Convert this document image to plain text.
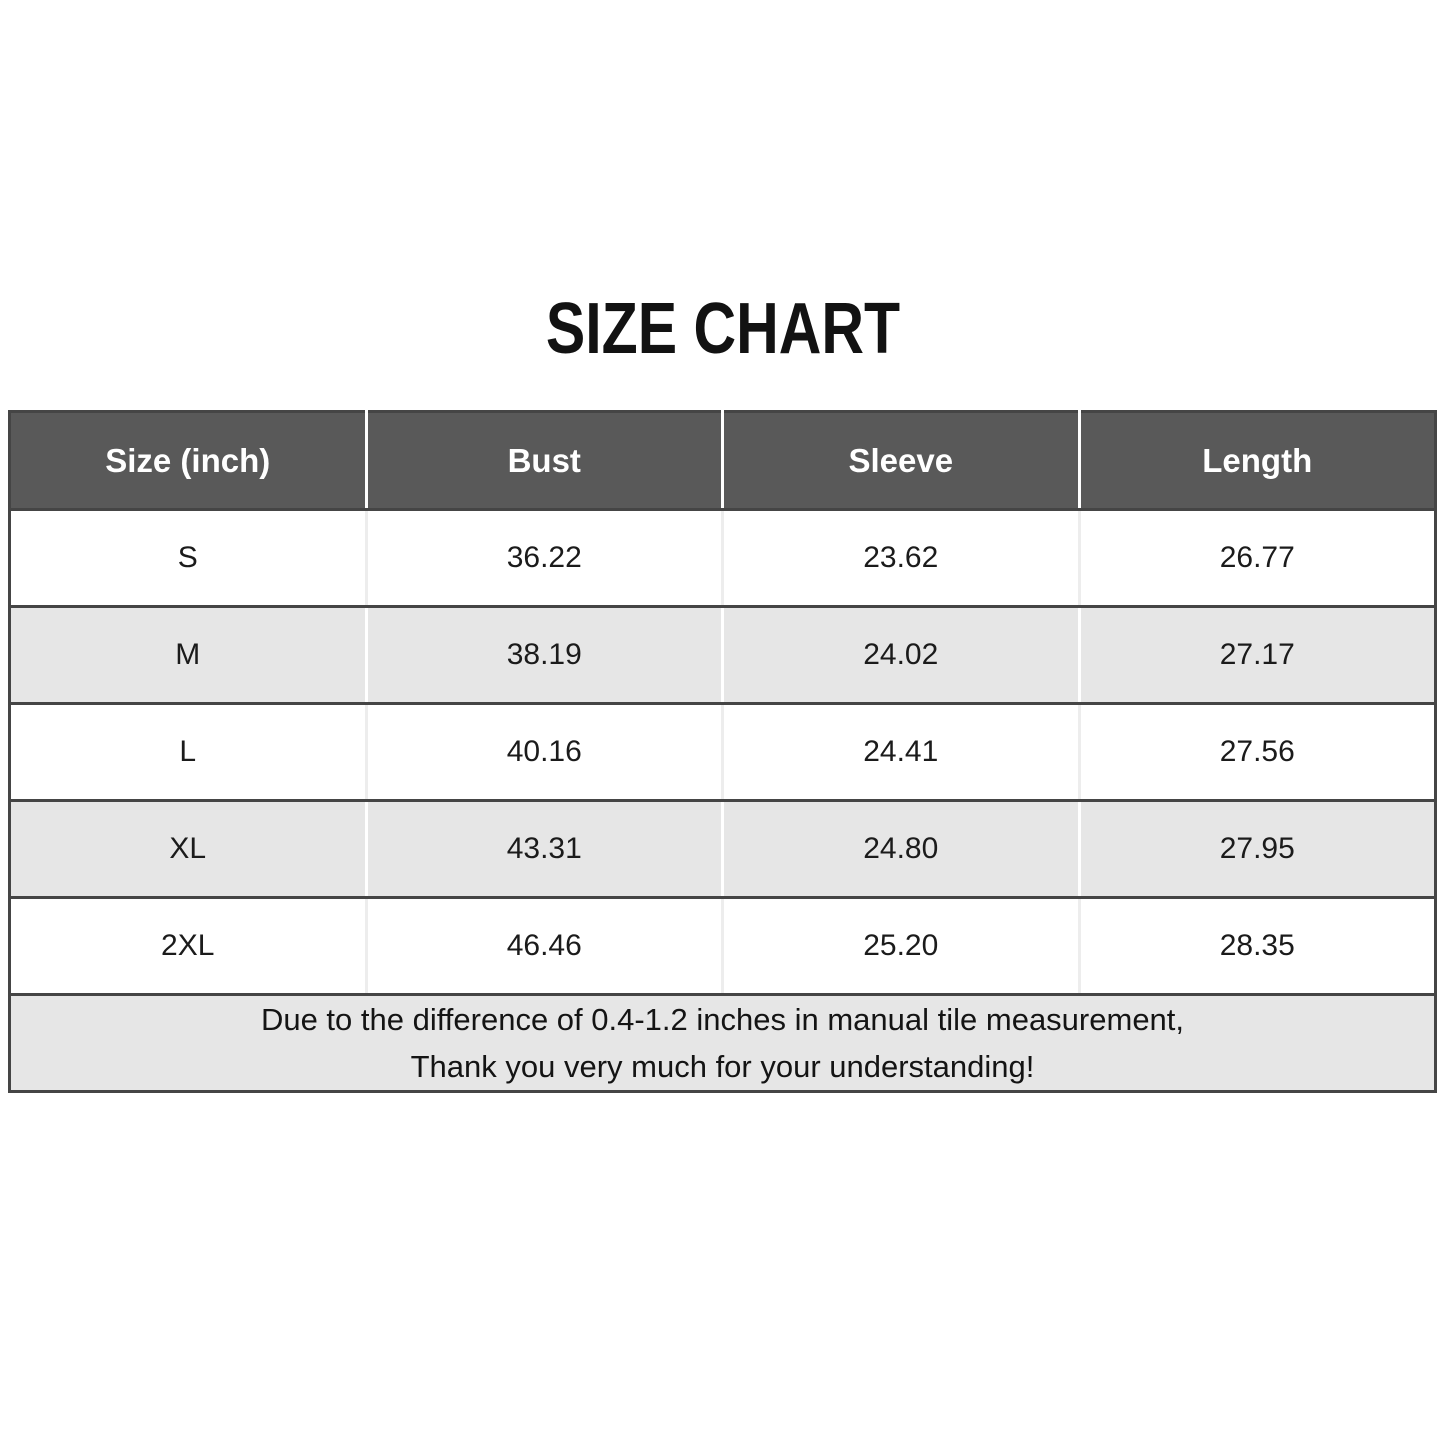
SIZE CHART
Size (inch)	Bust	Sleeve	Length
S	36.22	23.62	26.77
M	38.19	24.02	27.17
L	40.16	24.41	27.56
XL	43.31	24.80	27.95
2XL	46.46	25.20	28.35

Due to the difference of 0.4-1.2 inches in manual tile measurement,
Thank you very much for your understanding!			
